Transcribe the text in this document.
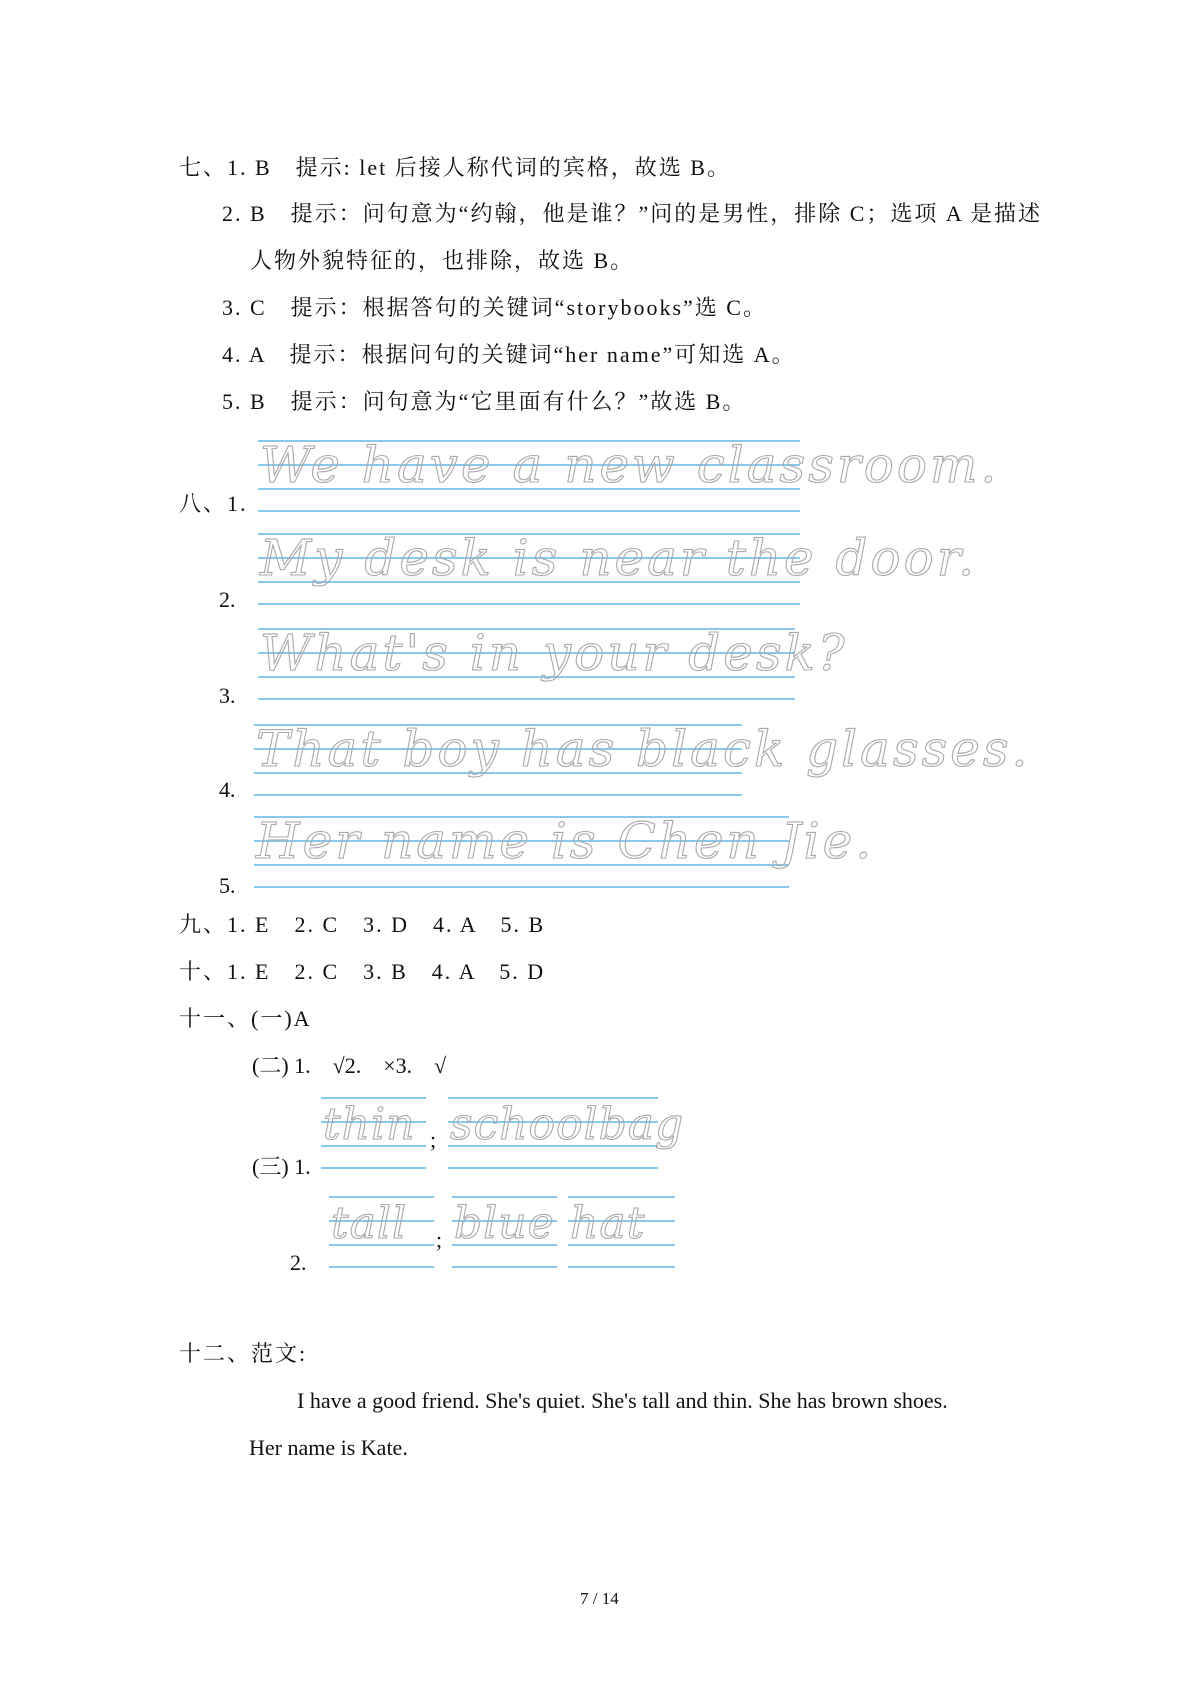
七、1. B　提示: let 后接人称代词的宾格，故选 B。
2. B　提示：问句意为“约翰，他是谁？”问的是男性，排除 C；选项 A 是描述
人物外貌特征的，也排除，故选 B。
3. C　提示：根据答句的关键词“storybooks”选 C。
4. A　提示：根据问句的关键词“her name”可知选 A。
5. B　提示：问句意为“它里面有什么？”故选 B。
八、1.
We have a new classroom.
2.
My desk is near the door.
3.
What's in your desk?
4.
That boy has black glasses.
5.
Her name is Chen Jie.
九、1. E　2. C　3. D　4. A　5. B
十、1. E　2. C　3. B　4. A　5. D
十一、(一)A
(二) 1.　√2.　×3.　√
(三) 1.
thin ; schoolbag
2.
tall ; blue hat
十二、范文:
I have a good friend. She's quiet. She's tall and thin. She has brown shoes.
Her name is Kate.
7 / 14
